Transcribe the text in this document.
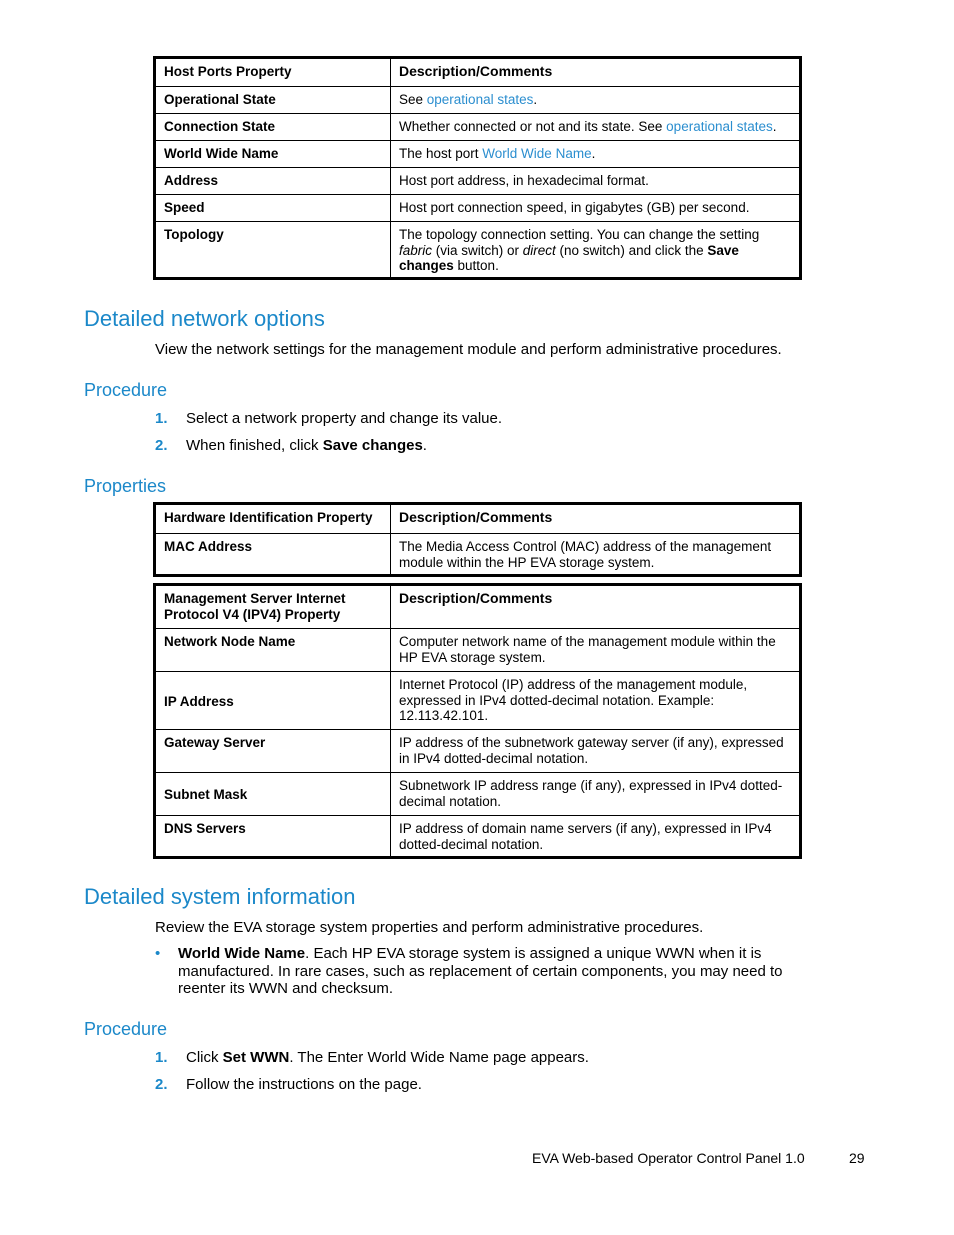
Host Ports Property	Description/Comments
Operational State	See operational states.
Connection State	Whether connected or not and its state. See operational states.
World Wide Name	The host port World Wide Name.
Address	Host port address, in hexadecimal format.
Speed	Host port connection speed, in gigabytes (GB) per second.
Topology	The topology connection setting. You can change the setting fabric (via switch) or direct (no switch) and click the Save changes button.
Detailed network options

View the network settings for the management module and perform administrative procedures.

Procedure
1. Select a network property and change its value.
2. When finished, click Save changes.
Properties
Hardware Identification Property	Description/Comments
MAC Address	The Media Access Control (MAC) address of the management module within the HP EVA storage system.
Management Server Internet Protocol V4 (IPV4) Property	Description/Comments
Network Node Name	Computer network name of the management module within the HP EVA storage system.
IP Address	Internet Protocol (IP) address of the management module, expressed in IPv4 dotted-decimal notation. Example: 12.113.42.101.
Gateway Server	IP address of the subnetwork gateway server (if any), expressed in IPv4 dotted-decimal notation.
Subnet Mask	Subnetwork IP address range (if any), expressed in IPv4 dotted-decimal notation.
DNS Servers	IP address of domain name servers (if any), expressed in IPv4 dotted-decimal notation.
Detailed system information

Review the EVA storage system properties and perform administrative procedures.

• World Wide Name. Each HP EVA storage system is assigned a unique WWN when it is manufactured. In rare cases, such as replacement of certain components, you may need to reenter its WWN and checksum.
Procedure
1. Click Set WWN. The Enter World Wide Name page appears.
2. Follow the instructions on the page.
EVA Web-based Operator Control Panel 1.0	29
